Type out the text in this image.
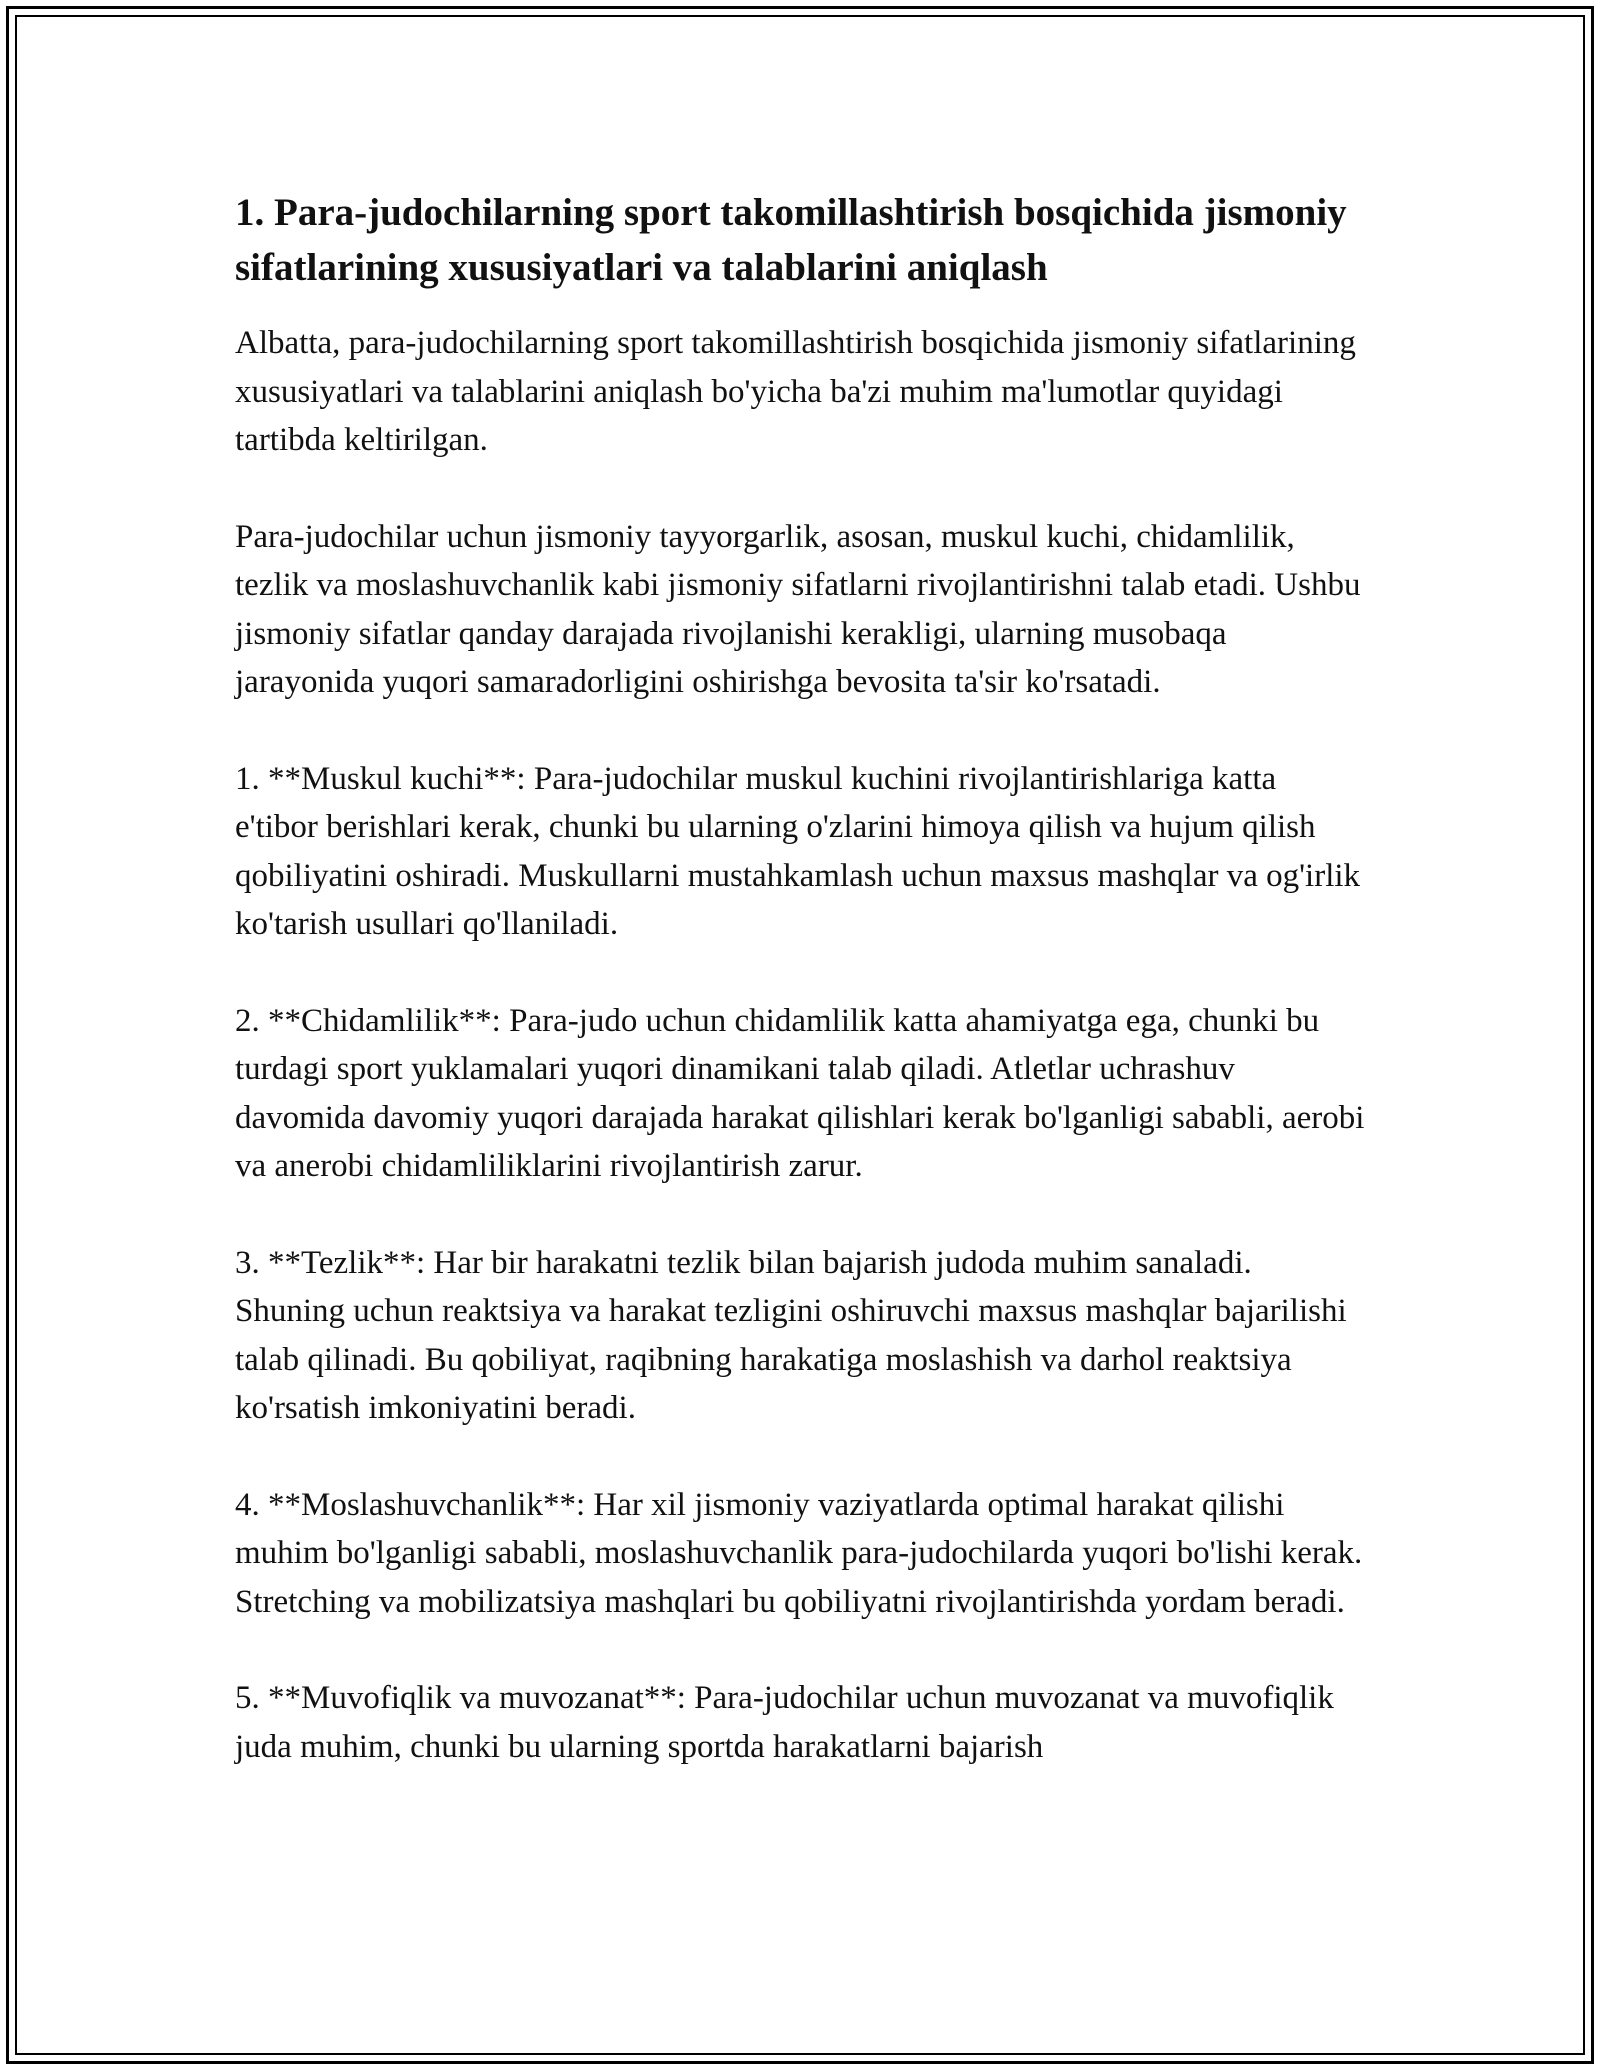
1. Para-judochilarning sport takomillashtirish bosqichida jismoniy sifatlarining xususiyatlari va talablarini aniqlash

Albatta, para-judochilarning sport takomillashtirish bosqichida jismoniy sifatlarining xususiyatlari va talablarini aniqlash bo'yicha ba'zi muhim ma'lumotlar quyidagi tartibda keltirilgan.

Para-judochilar uchun jismoniy tayyorgarlik, asosan, muskul kuchi, chidamlilik, tezlik va moslashuvchanlik kabi jismoniy sifatlarni rivojlantirishni talab etadi. Ushbu jismoniy sifatlar qanday darajada rivojlanishi kerakligi, ularning musobaqa jarayonida yuqori samaradorligini oshirishga bevosita ta'sir ko'rsatadi.

1. **Muskul kuchi**: Para-judochilar muskul kuchini rivojlantirishlariga katta e'tibor berishlari kerak, chunki bu ularning o'zlarini himoya qilish va hujum qilish qobiliyatini oshiradi. Muskullarni mustahkamlash uchun maxsus mashqlar va og'irlik ko'tarish usullari qo'llaniladi.

2. **Chidamlilik**: Para-judo uchun chidamlilik katta ahamiyatga ega, chunki bu turdagi sport yuklamalari yuqori dinamikani talab qiladi. Atletlar uchrashuv davomida davomiy yuqori darajada harakat qilishlari kerak bo'lganligi sababli, aerobi va anerobi chidamliliklarini rivojlantirish zarur.

3. **Tezlik**: Har bir harakatni tezlik bilan bajarish judoda muhim sanaladi. Shuning uchun reaktsiya va harakat tezligini oshiruvchi maxsus mashqlar bajarilishi talab qilinadi. Bu qobiliyat, raqibning harakatiga moslashish va darhol reaktsiya ko'rsatish imkoniyatini beradi.

4. **Moslashuvchanlik**: Har xil jismoniy vaziyatlarda optimal harakat qilishi muhim bo'lganligi sababli, moslashuvchanlik para-judochilarda yuqori bo'lishi kerak. Stretching va mobilizatsiya mashqlari bu qobiliyatni rivojlantirishda yordam beradi.

5. **Muvofiqlik va muvozanat**: Para-judochilar uchun muvozanat va muvofiqlik juda muhim, chunki bu ularning sportda harakatlarni bajarish
